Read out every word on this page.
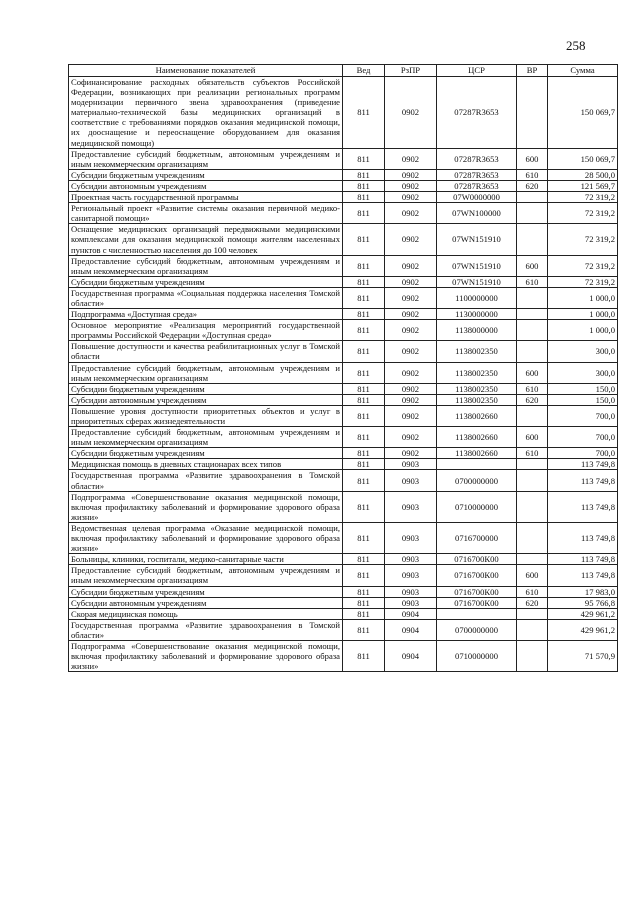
258
Наименование показателей	Вед	РзПР	ЦСР	ВР	Сумма
Софинансирование расходных обязательств субъектов Российской Федерации, возникающих при реализации региональных программ модернизации первичного звена здравоохранения (приведение материально-технической базы медицинских организаций в соответствие с требованиями порядков оказания медицинской помощи, их дооснащение и переоснащение оборудованием для оказания медицинской помощи)	811	0902	07287R3653		150 069,7
Предоставление субсидий бюджетным, автономным учреждениям и иным некоммерческим организациям	811	0902	07287R3653	600	150 069,7
Субсидии бюджетным учреждениям	811	0902	07287R3653	610	28 500,0
Субсидии автономным учреждениям	811	0902	07287R3653	620	121 569,7
Проектная часть государственной программы	811	0902	07W0000000		72 319,2
Региональный проект «Развитие системы оказания первичной медико-санитарной помощи»	811	0902	07WN100000		72 319,2
Оснащение медицинских организаций передвижными медицинскими комплексами для оказания медицинской помощи жителям населенных пунктов с численностью населения до 100 человек	811	0902	07WN151910		72 319,2
Предоставление субсидий бюджетным, автономным учреждениям и иным некоммерческим организациям	811	0902	07WN151910	600	72 319,2
Субсидии бюджетным учреждениям	811	0902	07WN151910	610	72 319,2
Государственная программа «Социальная поддержка населения Томской области»	811	0902	1100000000		1 000,0
Подпрограмма «Доступная среда»	811	0902	1130000000		1 000,0
Основное мероприятие «Реализация мероприятий государственной программы Российской Федерации «Доступная среда»	811	0902	1138000000		1 000,0
Повышение доступности и качества реабилитационных услуг в Томской области	811	0902	1138002350		300,0
Предоставление субсидий бюджетным, автономным учреждениям и иным некоммерческим организациям	811	0902	1138002350	600	300,0
Субсидии бюджетным учреждениям	811	0902	1138002350	610	150,0
Субсидии автономным учреждениям	811	0902	1138002350	620	150,0
Повышение уровня доступности приоритетных объектов и услуг в приоритетных сферах жизнедеятельности	811	0902	1138002660		700,0
Предоставление субсидий бюджетным, автономным учреждениям и иным некоммерческим организациям	811	0902	1138002660	600	700,0
Субсидии бюджетным учреждениям	811	0902	1138002660	610	700,0
Медицинская помощь в дневных стационарах всех типов	811	0903			113 749,8
Государственная программа «Развитие здравоохранения в Томской области»	811	0903	0700000000		113 749,8
Подпрограмма «Совершенствование оказания медицинской помощи, включая профилактику заболеваний и формирование здорового образа жизни»	811	0903	0710000000		113 749,8
Ведомственная целевая программа «Оказание медицинской помощи, включая профилактику заболеваний и формирование здорового образа жизни»	811	0903	0716700000		113 749,8
Больницы, клиники, госпитали, медико-санитарные части	811	0903	0716700К00		113 749,8
Предоставление субсидий бюджетным, автономным учреждениям и иным некоммерческим организациям	811	0903	0716700К00	600	113 749,8
Субсидии бюджетным учреждениям	811	0903	0716700К00	610	17 983,0
Субсидии автономным учреждениям	811	0903	0716700К00	620	95 766,8
Скорая медицинская помощь	811	0904			429 961,2
Государственная программа «Развитие здравоохранения в Томской области»	811	0904	0700000000		429 961,2
Подпрограмма «Совершенствование оказания медицинской помощи, включая профилактику заболеваний и формирование здорового образа жизни»	811	0904	0710000000		71 570,9
